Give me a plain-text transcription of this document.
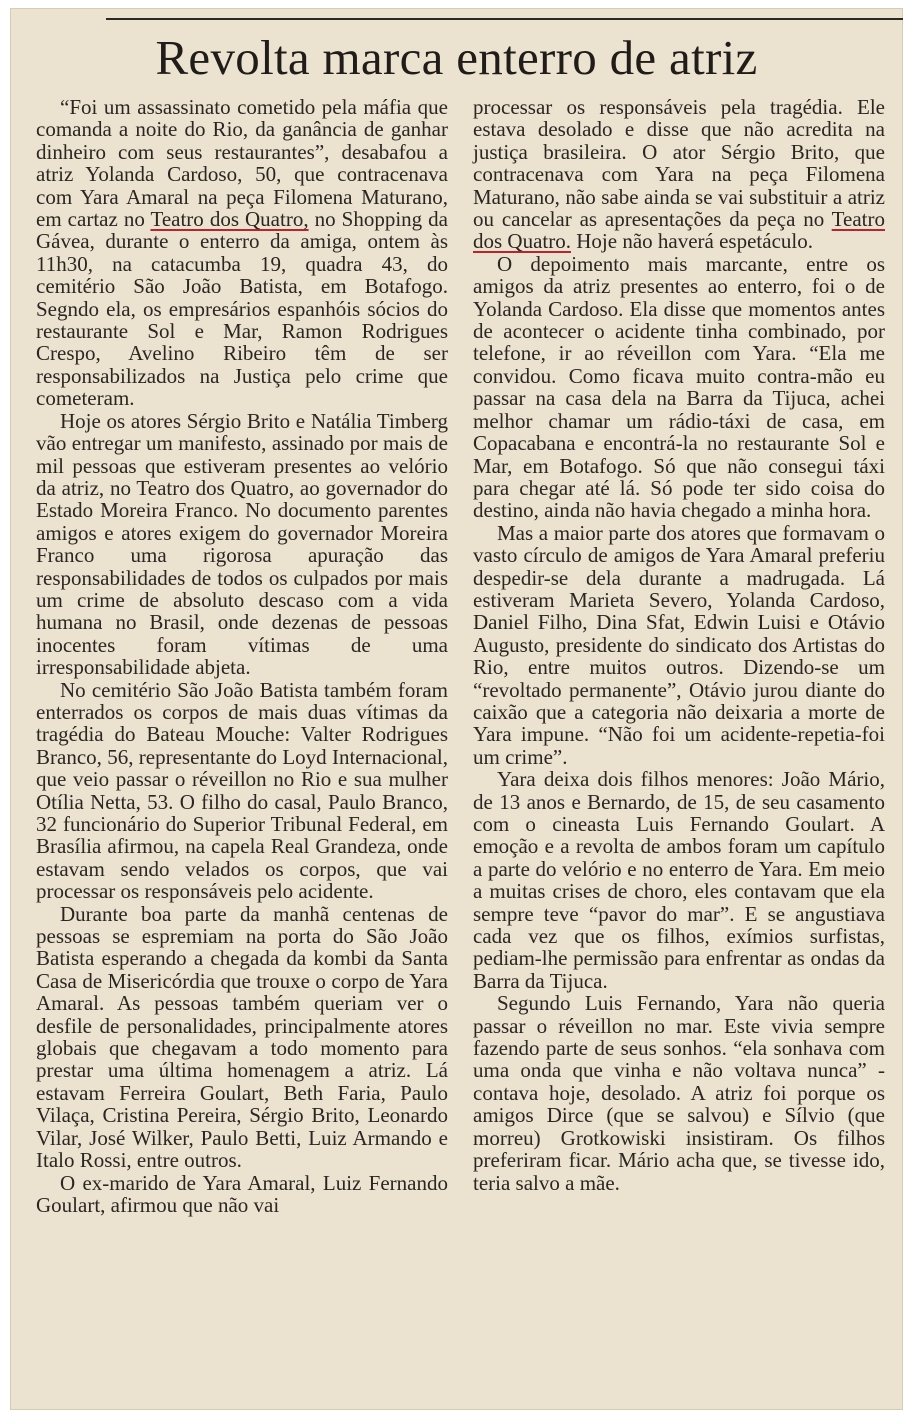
Revolta marca enterro de atriz

“Foi um assassinato cometido pela máfia que comanda a noite do Rio, da ganância de ganhar dinheiro com seus restaurantes”, desabafou a atriz Yolanda Cardoso, 50, que contracenava com Yara Amaral na peça Filomena Maturano, em cartaz no Teatro dos Quatro, no Shopping da Gávea, durante o enterro da amiga, ontem às 11h30, na catacumba 19, quadra 43, do cemitério São João Batista, em Botafogo. Segndo ela, os empresários espanhóis sócios do restaurante Sol e Mar, Ramon Rodrigues Crespo, Avelino Ribeiro têm de ser responsabilizados na Justiça pelo crime que cometeram.

Hoje os atores Sérgio Brito e Natália Timberg vão entregar um manifesto, assinado por mais de mil pessoas que estiveram presentes ao velório da atriz, no Teatro dos Quatro, ao governador do Estado Moreira Franco. No documento parentes amigos e atores exigem do governador Moreira Franco uma rigorosa apuração das responsabilidades de todos os culpados por mais um crime de absoluto descaso com a vida humana no Brasil, onde dezenas de pessoas inocentes foram vítimas de uma irresponsabilidade abjeta.

No cemitério São João Batista também foram enterrados os corpos de mais duas vítimas da tragédia do Bateau Mouche: Valter Rodrigues Branco, 56, representante do Loyd Internacional, que veio passar o réveillon no Rio e sua mulher Otília Netta, 53. O filho do casal, Paulo Branco, 32 funcionário do Superior Tribunal Federal, em Brasília afirmou, na capela Real Grandeza, onde estavam sendo velados os corpos, que vai processar os responsáveis pelo acidente.

Durante boa parte da manhã centenas de pessoas se espremiam na porta do São João Batista esperando a chegada da kombi da Santa Casa de Misericórdia que trouxe o corpo de Yara Amaral. As pessoas também queriam ver o desfile de personalidades, principalmente atores globais que chegavam a todo momento para prestar uma última homenagem a atriz. Lá estavam Ferreira Goulart, Beth Faria, Paulo Vilaça, Cristina Pereira, Sérgio Brito, Leonardo Vilar, José Wilker, Paulo Betti, Luiz Armando e Italo Rossi, entre outros.

O ex-marido de Yara Amaral, Luiz Fernando Goulart, afirmou que não vai

processar os responsáveis pela tragédia. Ele estava desolado e disse que não acredita na justiça brasileira. O ator Sérgio Brito, que contracenava com Yara na peça Filomena Maturano, não sabe ainda se vai substituir a atriz ou cancelar as apresentações da peça no Teatro dos Quatro. Hoje não haverá espetáculo.

O depoimento mais marcante, entre os amigos da atriz presentes ao enterro, foi o de Yolanda Cardoso. Ela disse que momentos antes de acontecer o acidente tinha combinado, por telefone, ir ao réveillon com Yara. “Ela me convidou. Como ficava muito contra-mão eu passar na casa dela na Barra da Tijuca, achei melhor chamar um rádio-táxi de casa, em Copacabana e encontrá-la no restaurante Sol e Mar, em Botafogo. Só que não consegui táxi para chegar até lá. Só pode ter sido coisa do destino, ainda não havia chegado a minha hora.

Mas a maior parte dos atores que formavam o vasto círculo de amigos de Yara Amaral preferiu despedir-se dela durante a madrugada. Lá estiveram Marieta Severo, Yolanda Cardoso, Daniel Filho, Dina Sfat, Edwin Luisi e Otávio Augusto, presidente do sindicato dos Artistas do Rio, entre muitos outros. Dizendo-se um “revoltado permanente”, Otávio jurou diante do caixão que a categoria não deixaria a morte de Yara impune. “Não foi um acidente-repetia-foi um crime”.

Yara deixa dois filhos menores: João Mário, de 13 anos e Bernardo, de 15, de seu casamento com o cineasta Luis Fernando Goulart. A emoção e a revolta de ambos foram um capítulo a parte do velório e no enterro de Yara. Em meio a muitas crises de choro, eles contavam que ela sempre teve “pavor do mar”. E se angustiava cada vez que os filhos, exímios surfistas, pediam-lhe permissão para enfrentar as ondas da Barra da Tijuca.

Segundo Luis Fernando, Yara não queria passar o réveillon no mar. Este vivia sempre fazendo parte de seus sonhos. “ela sonhava com uma onda que vinha e não voltava nunca” - contava hoje, desolado. A atriz foi porque os amigos Dirce (que se salvou) e Sílvio (que morreu) Grotkowiski insistiram. Os filhos preferiram ficar. Mário acha que, se tivesse ido, teria salvo a mãe.
